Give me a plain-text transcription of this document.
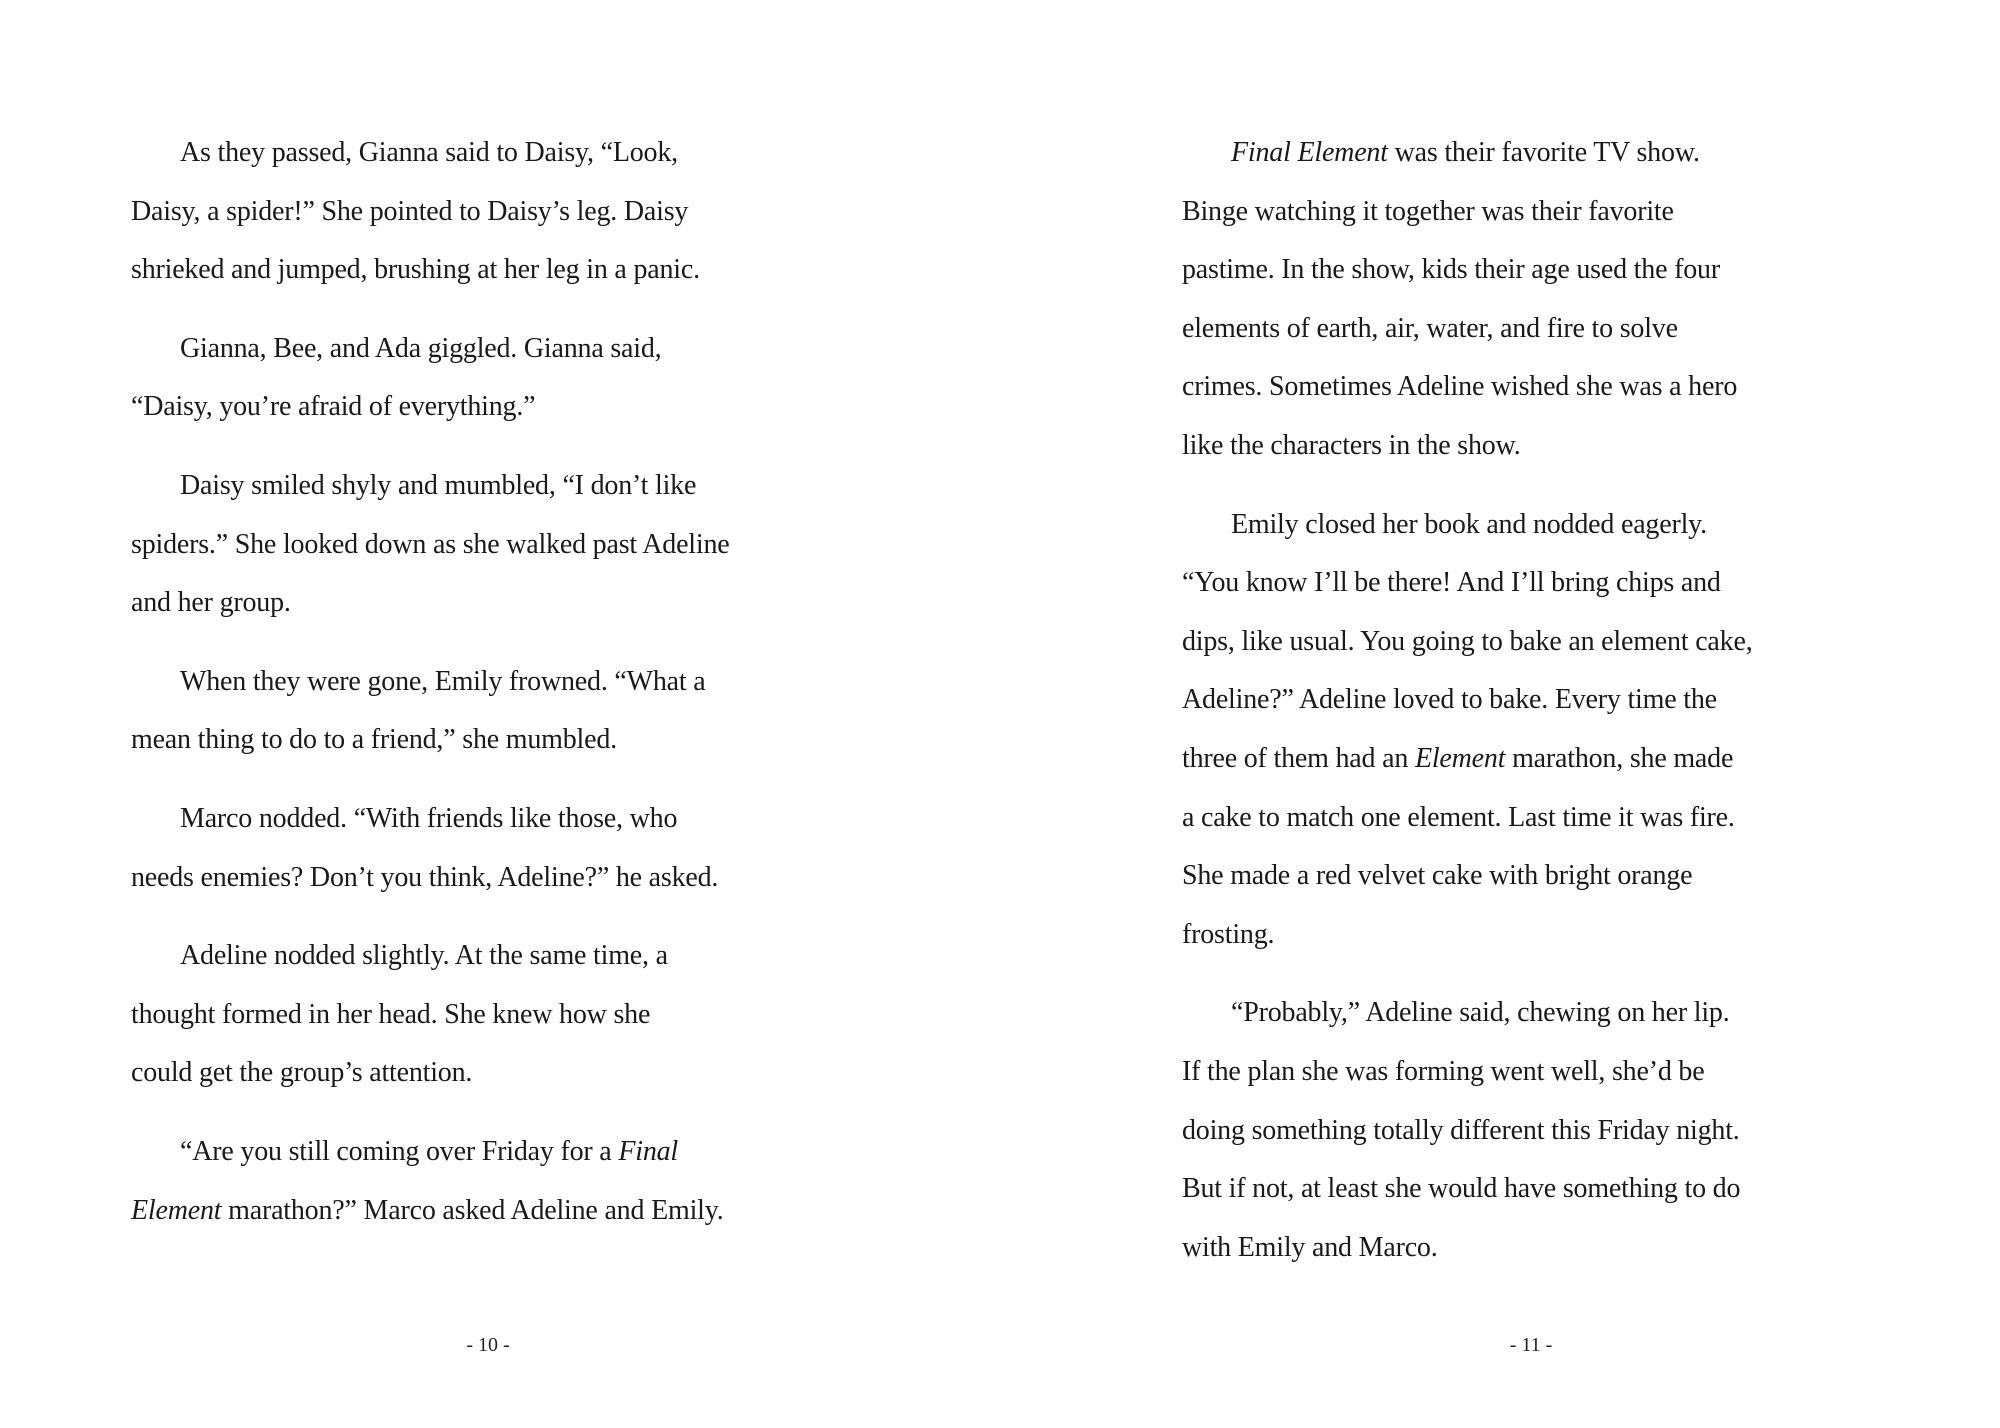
As they passed, Gianna said to Daisy, “Look,
Daisy, a spider!” She pointed to Daisy’s leg. Daisy
shrieked and jumped, brushing at her leg in a panic.

Gianna, Bee, and Ada giggled. Gianna said,
“Daisy, you’re afraid of everything.”

Daisy smiled shyly and mumbled, “I don’t like
spiders.” She looked down as she walked past Adeline
and her group.

When they were gone, Emily frowned. “What a
mean thing to do to a friend,” she mumbled.

Marco nodded. “With friends like those, who
needs enemies? Don’t you think, Adeline?” he asked.

Adeline nodded slightly. At the same time, a
thought formed in her head. She knew how she
could get the group’s attention.

“Are you still coming over Friday for a Final
Element marathon?” Marco asked Adeline and Emily.

- 10 -

Final Element was their favorite TV show.
Binge watching it together was their favorite
pastime. In the show, kids their age used the four
elements of earth, air, water, and fire to solve
crimes. Sometimes Adeline wished she was a hero
like the characters in the show.

Emily closed her book and nodded eagerly.
“You know I’ll be there! And I’ll bring chips and
dips, like usual. You going to bake an element cake,
Adeline?” Adeline loved to bake. Every time the
three of them had an Element marathon, she made
a cake to match one element. Last time it was fire.
She made a red velvet cake with bright orange
frosting.

“Probably,” Adeline said, chewing on her lip.
If the plan she was forming went well, she’d be
doing something totally different this Friday night.
But if not, at least she would have something to do
with Emily and Marco.

- 11 -
